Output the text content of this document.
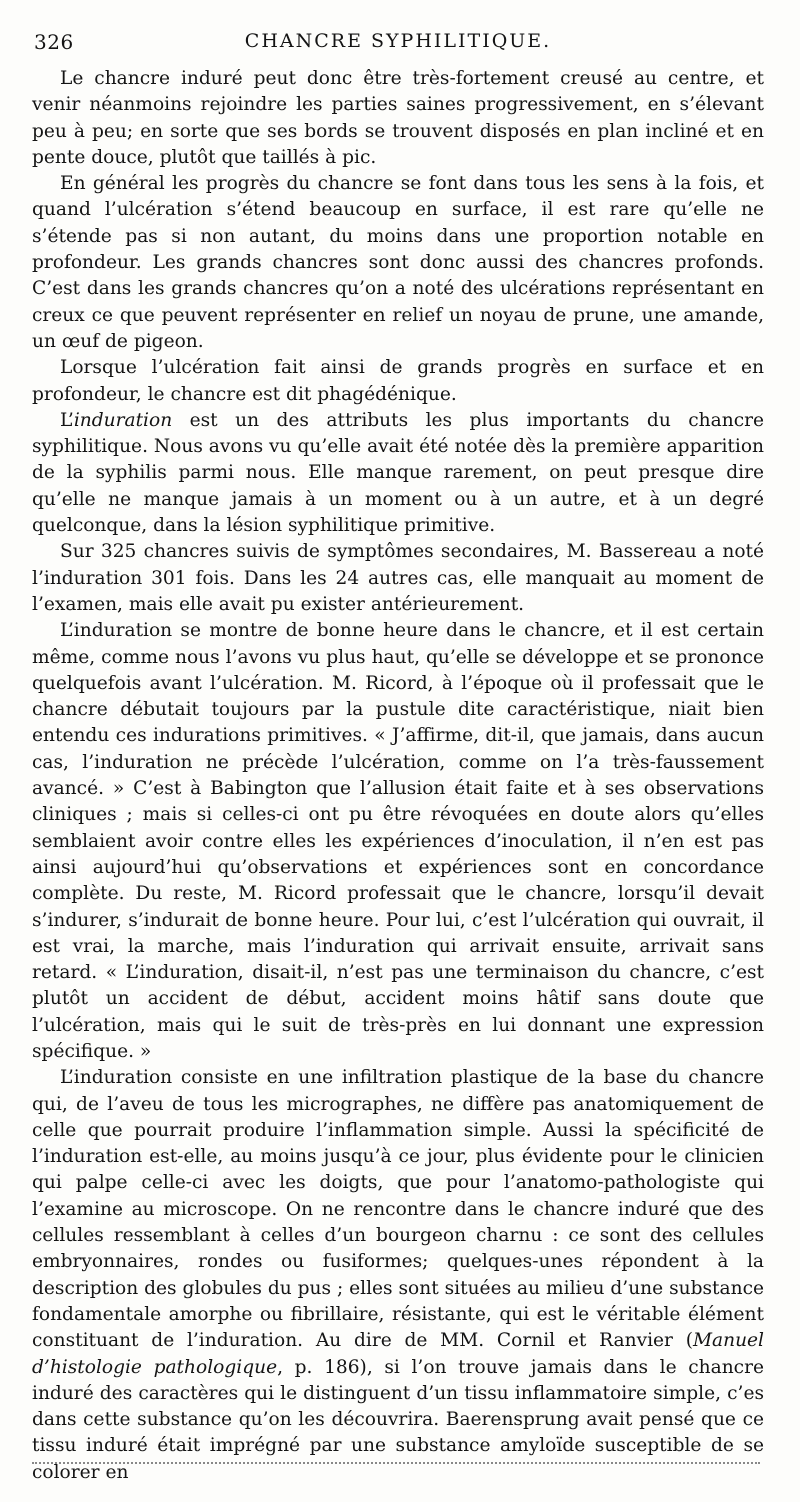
326	CHANCRE SYPHILITIQUE.

Le chancre induré peut donc être très-fortement creusé au centre, et venir néanmoins rejoindre les parties saines progressivement, en s’élevant peu à peu; en sorte que ses bords se trouvent disposés en plan incliné et en pente douce, plutôt que taillés à pic.

En général les progrès du chancre se font dans tous les sens à la fois, et quand l’ulcération s’étend beaucoup en surface, il est rare qu’elle ne s’étende pas si non autant, du moins dans une proportion notable en profondeur. Les grands chancres sont donc aussi des chancres profonds. C’est dans les grands chancres qu’on a noté des ulcérations représentant en creux ce que peuvent représenter en relief un noyau de prune, une amande, un œuf de pigeon.

Lorsque l’ulcération fait ainsi de grands progrès en surface et en profondeur, le chancre est dit phagédénique.

L’induration est un des attributs les plus importants du chancre syphilitique. Nous avons vu qu’elle avait été notée dès la première apparition de la syphilis parmi nous. Elle manque rarement, on peut presque dire qu’elle ne manque jamais à un moment ou à un autre, et à un degré quelconque, dans la lésion syphilitique primitive.

Sur 325 chancres suivis de symptômes secondaires, M. Bassereau a noté l’induration 301 fois. Dans les 24 autres cas, elle manquait au moment de l’examen, mais elle avait pu exister antérieurement.

L’induration se montre de bonne heure dans le chancre, et il est certain même, comme nous l’avons vu plus haut, qu’elle se développe et se prononce quelquefois avant l’ulcération. M. Ricord, à l’époque où il professait que le chancre débutait toujours par la pustule dite caractéristique, niait bien entendu ces indurations primitives. « J’affirme, dit-il, que jamais, dans aucun cas, l’induration ne précède l’ulcération, comme on l’a très-faussement avancé. » C’est à Babington que l’allusion était faite et à ses observations cliniques ; mais si celles-ci ont pu être révoquées en doute alors qu’elles semblaient avoir contre elles les expériences d’inoculation, il n’en est pas ainsi aujourd’hui qu’observations et expériences sont en concordance complète. Du reste, M. Ricord professait que le chancre, lorsqu’il devait s’indurer, s’indurait de bonne heure. Pour lui, c’est l’ulcération qui ouvrait, il est vrai, la marche, mais l’induration qui arrivait ensuite, arrivait sans retard. « L’induration, disait-il, n’est pas une terminaison du chancre, c’est plutôt un accident de début, accident moins hâtif sans doute que l’ulcération, mais qui le suit de très-près en lui donnant une expression spécifique. »

L’induration consiste en une infiltration plastique de la base du chancre qui, de l’aveu de tous les micrographes, ne diffère pas anatomiquement de celle que pourrait produire l’inflammation simple. Aussi la spécificité de l’induration est-elle, au moins jusqu’à ce jour, plus évidente pour le clinicien qui palpe celle-ci avec les doigts, que pour l’anatomo-pathologiste qui l’examine au microscope. On ne rencontre dans le chancre induré que des cellules ressemblant à celles d’un bourgeon charnu : ce sont des cellules embryonnaires, rondes ou fusiformes; quelques-unes répondent à la description des globules du pus ; elles sont situées au milieu d’une substance fondamentale amorphe ou fibrillaire, résistante, qui est le véritable élément constituant de l’induration. Au dire de MM. Cornil et Ranvier (Manuel d’histologie pathologique, p. 186), si l’on trouve jamais dans le chancre induré des caractères qui le distinguent d’un tissu inflammatoire simple, c’es dans cette substance qu’on les découvrira. Baerensprung avait pensé que ce tissu induré était imprégné par une substance amyloïde susceptible de se colorer en
